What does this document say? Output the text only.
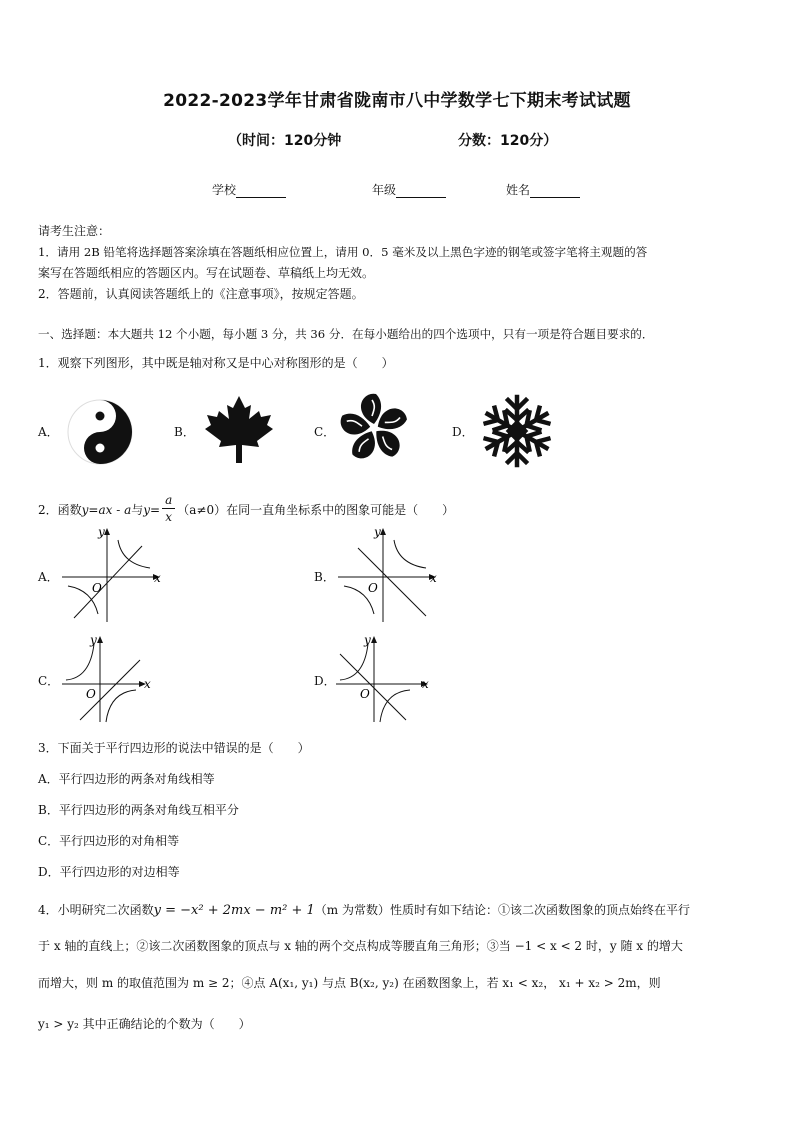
2022-2023学年甘肃省陇南市八中学数学七下期末考试试题
（时间：120分钟	分数：120分）
学校	年级	姓名
请考生注意：
1．请用 2B 铅笔将选择题答案涂填在答题纸相应位置上，请用 0．5 毫米及以上黑色字迹的钢笔或签字笔将主观题的答
案写在答题纸相应的答题区内。写在试题卷、草稿纸上均无效。
2．答题前，认真阅读答题纸上的《注意事项》，按规定答题。
一、选择题：本大题共 12 个小题，每小题 3 分，共 36 分．在每小题给出的四个选项中，只有一项是符合题目要求的．
1．观察下列图形，其中既是轴对称又是中心对称图形的是（　　）
A．	B．	C．	D．
2．函数y=ax - a与$y= \frac{a}{x} (a\ne 0)$在同一直角坐标系中的图象可能是（　　）
A．	x
y
O
B．	x
y
O
C．	x
y
O
D．	x
y
O
3．下面关于平行四边形的说法中错误的是（　　）
A．平行四边形的两条对角线相等
B．平行四边形的两条对角线互相平分
C．平行四边形的对角相等
D．平行四边形的对边相等
4．小明研究二次函数y = −x² + 2mx − m² + 1（m 为常数）性质时有如下结论：①该二次函数图象的顶点始终在平行
于 x 轴的直线上；②该二次函数图象的顶点与 x 轴的两个交点构成等腰直角三角形；③当 −1 < x < 2 时，y 随 x 的增大
而增大，则 m 的取值范围为 m ≥ 2；④点 A(x₁, y₁) 与点 B(x₂, y₂) 在函数图象上，若 x₁ < x₂， x₁ + x₂ > 2m，则
y₁ > y₂ 其中正确结论的个数为（　　）
